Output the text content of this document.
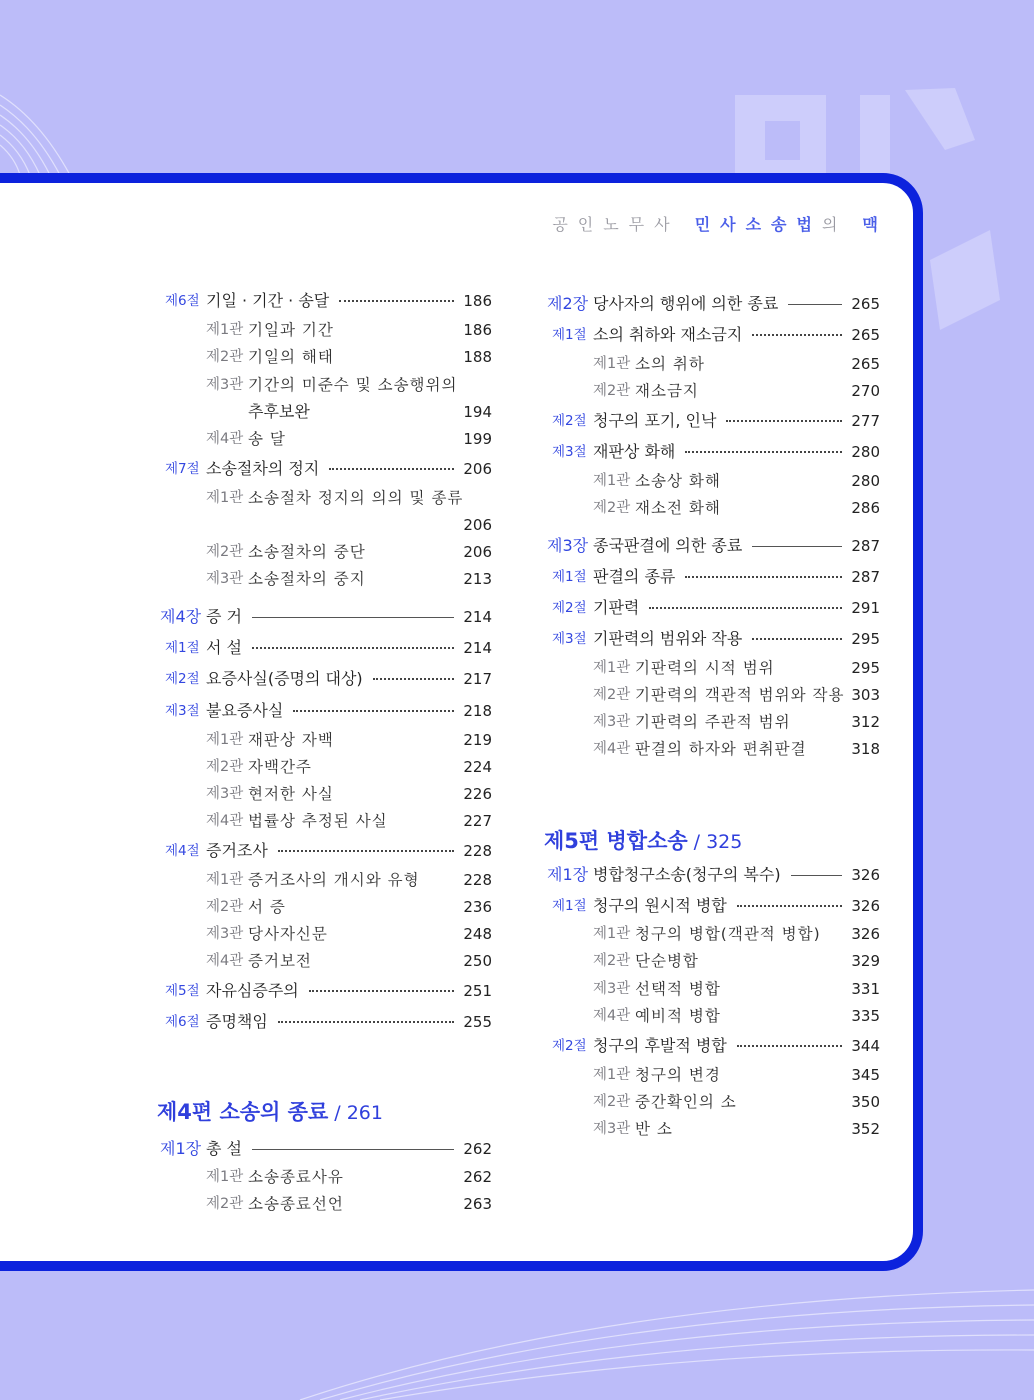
공인노무사 민사소송법의 맥
제6절 기일 · 기간 · 송달	186
제1관 기일과 기간	186
제2관 기일의 해태	188
제3관 기간의 미준수 및 소송행위의
추후보완	194
제4관 송 달	199
제7절 소송절차의 정지	206
제1관 소송절차 정지의 의의 및 종류
206
제2관 소송절차의 중단	206
제3관 소송절차의 중지	213
제4장 증 거	214
제1절 서 설	214
제2절 요증사실(증명의 대상)	217
제3절 불요증사실	218
제1관 재판상 자백	219
제2관 자백간주	224
제3관 현저한 사실	226
제4관 법률상 추정된 사실	227
제4절 증거조사	228
제1관 증거조사의 개시와 유형	228
제2관 서 증	236
제3관 당사자신문	248
제4관 증거보전	250
제5절 자유심증주의	251
제6절 증명책임	255
제4편 소송의 종료 / 261
제1장 총 설	262
제1관 소송종료사유	262
제2관 소송종료선언	263
제2장 당사자의 행위에 의한 종료	265
제1절 소의 취하와 재소금지	265
제1관 소의 취하	265
제2관 재소금지	270
제2절 청구의 포기, 인낙	277
제3절 재판상 화해	280
제1관 소송상 화해	280
제2관 재소전 화해	286
제3장 종국판결에 의한 종료	287
제1절 판결의 종류	287
제2절 기판력	291
제3절 기판력의 범위와 작용	295
제1관 기판력의 시적 범위	295
제2관 기판력의 객관적 범위와 작용 303
제3관 기판력의 주관적 범위	312
제4관 판결의 하자와 편취판결	318
제5편 병합소송 / 325
제1장 병합청구소송(청구의 복수)	326
제1절 청구의 원시적 병합	326
제1관 청구의 병합(객관적 병합)	326
제2관 단순병합	329
제3관 선택적 병합	331
제4관 예비적 병합	335
제2절 청구의 후발적 병합	344
제1관 청구의 변경	345
제2관 중간확인의 소	350
제3관 반 소	352
